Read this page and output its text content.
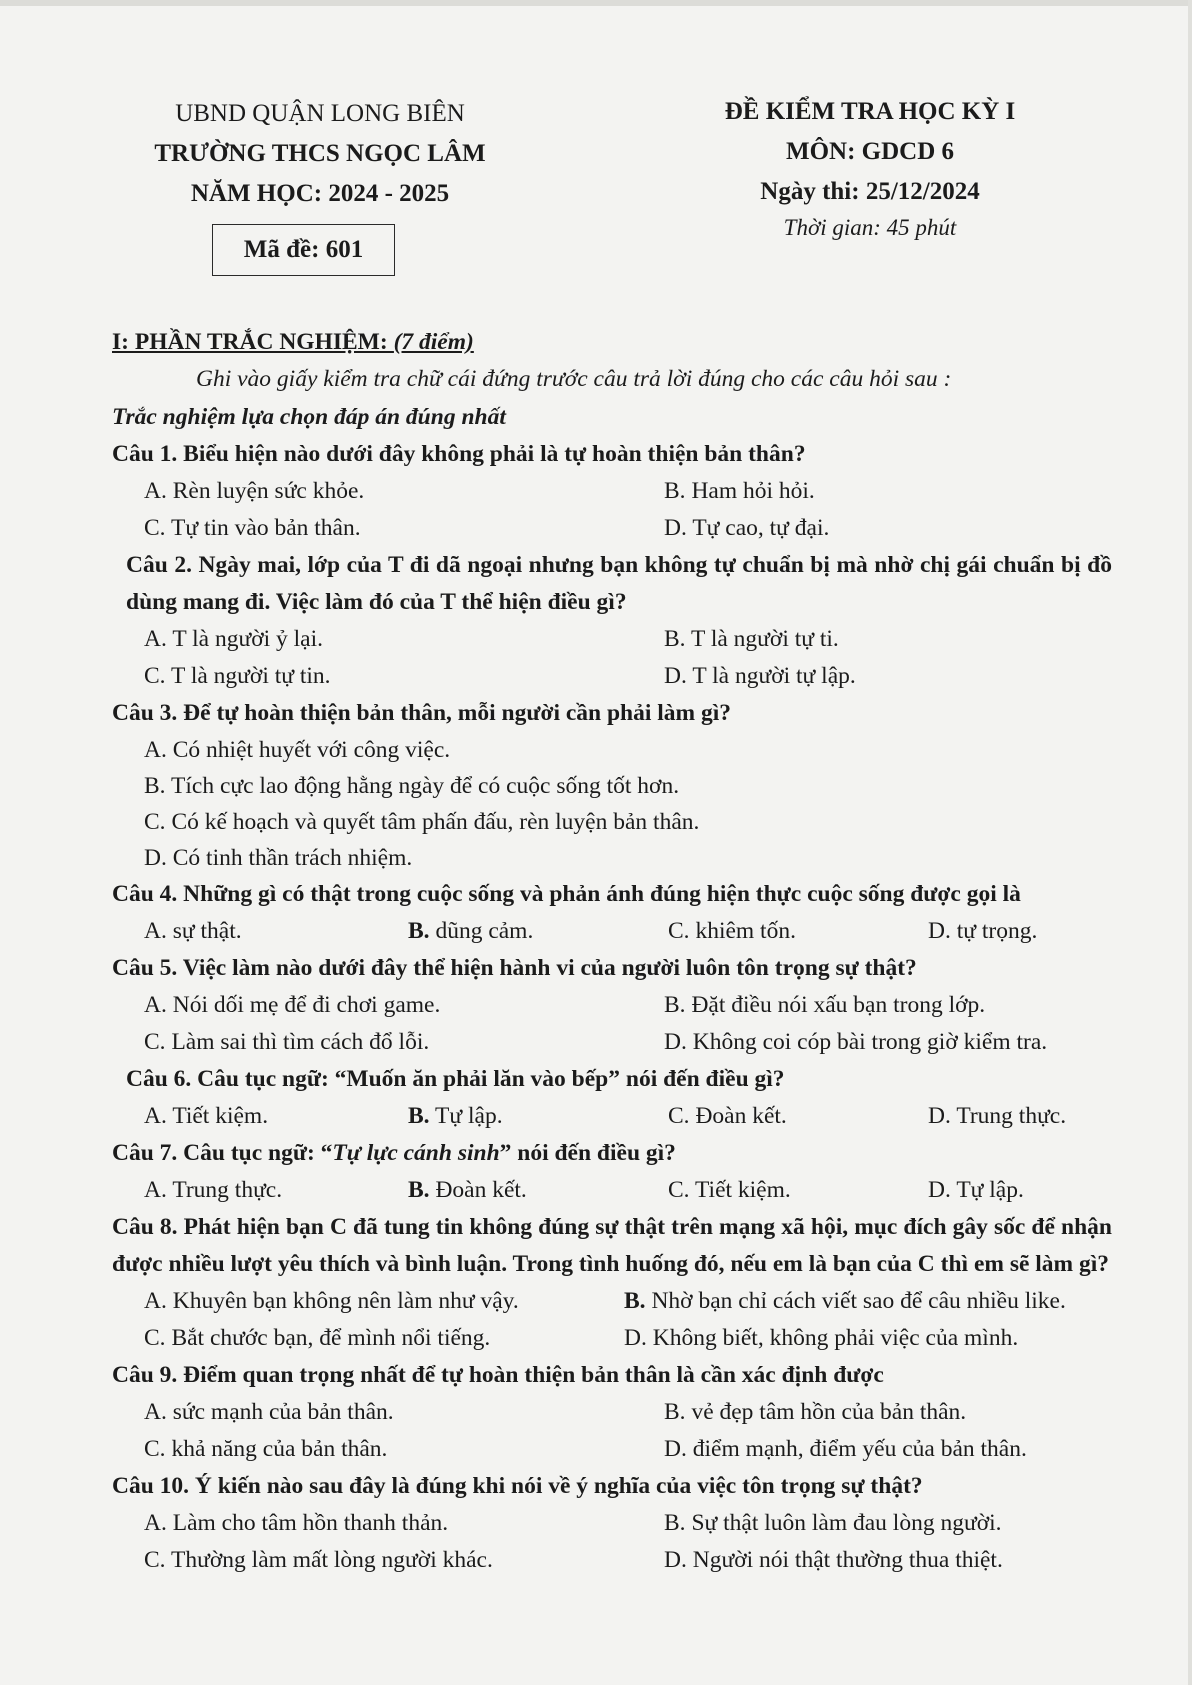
UBND QUẬN LONG BIÊN
TRƯỜNG THCS NGỌC LÂM
NĂM HỌC: 2024 - 2025
ĐỀ KIỂM TRA HỌC KỲ I
MÔN: GDCD 6
Ngày thi: 25/12/2024
Thời gian: 45 phút
Mã đề: 601
I: PHẦN TRẮC NGHIỆM: (7 điểm)
Ghi vào giấy kiểm tra chữ cái đứng trước câu trả lời đúng cho các câu hỏi sau :
Trắc nghiệm lựa chọn đáp án đúng nhất
Câu 1. Biểu hiện nào dưới đây không phải là tự hoàn thiện bản thân?
A. Rèn luyện sức khỏe.	B. Ham hỏi hỏi.
C. Tự tin vào bản thân.	D. Tự cao, tự đại.
Câu 2. Ngày mai, lớp của T đi dã ngoại nhưng bạn không tự chuẩn bị mà nhờ chị gái chuẩn bị đồ dùng mang đi. Việc làm đó của T thể hiện điều gì?
A. T là người ỷ lại.	B. T là người tự ti.
C. T là người tự tin.	D. T là người tự lập.
Câu 3. Để tự hoàn thiện bản thân, mỗi người cần phải làm gì?
A. Có nhiệt huyết với công việc.
B. Tích cực lao động hằng ngày để có cuộc sống tốt hơn.
C. Có kế hoạch và quyết tâm phấn đấu, rèn luyện bản thân.
D. Có tinh thần trách nhiệm.
Câu 4. Những gì có thật trong cuộc sống và phản ánh đúng hiện thực cuộc sống được gọi là
A. sự thật.	B. dũng cảm.	C. khiêm tốn.	D. tự trọng.
Câu 5. Việc làm nào dưới đây thể hiện hành vi của người luôn tôn trọng sự thật?
A. Nói dối mẹ để đi chơi game.	B. Đặt điều nói xấu bạn trong lớp.
C. Làm sai thì tìm cách đổ lỗi.	D. Không coi cóp bài trong giờ kiểm tra.
Câu 6. Câu tục ngữ: “Muốn ăn phải lăn vào bếp” nói đến điều gì?
A. Tiết kiệm.	B. Tự lập.	C. Đoàn kết.	D. Trung thực.
Câu 7. Câu tục ngữ: “Tự lực cánh sinh” nói đến điều gì?
A. Trung thực.	B. Đoàn kết.	C. Tiết kiệm.	D. Tự lập.
Câu 8. Phát hiện bạn C đã tung tin không đúng sự thật trên mạng xã hội, mục đích gây sốc để nhận được nhiều lượt yêu thích và bình luận. Trong tình huống đó, nếu em là bạn của C thì em sẽ làm gì?
A. Khuyên bạn không nên làm như vậy.	B. Nhờ bạn chỉ cách viết sao để câu nhiều like.
C. Bắt chước bạn, để mình nổi tiếng.	D. Không biết, không phải việc của mình.
Câu 9. Điểm quan trọng nhất để tự hoàn thiện bản thân là cần xác định được
A. sức mạnh của bản thân.	B. vẻ đẹp tâm hồn của bản thân.
C. khả năng của bản thân.	D. điểm mạnh, điểm yếu của bản thân.
Câu 10. Ý kiến nào sau đây là đúng khi nói về ý nghĩa của việc tôn trọng sự thật?
A. Làm cho tâm hồn thanh thản.	B. Sự thật luôn làm đau lòng người.
C. Thường làm mất lòng người khác.	D. Người nói thật thường thua thiệt.
